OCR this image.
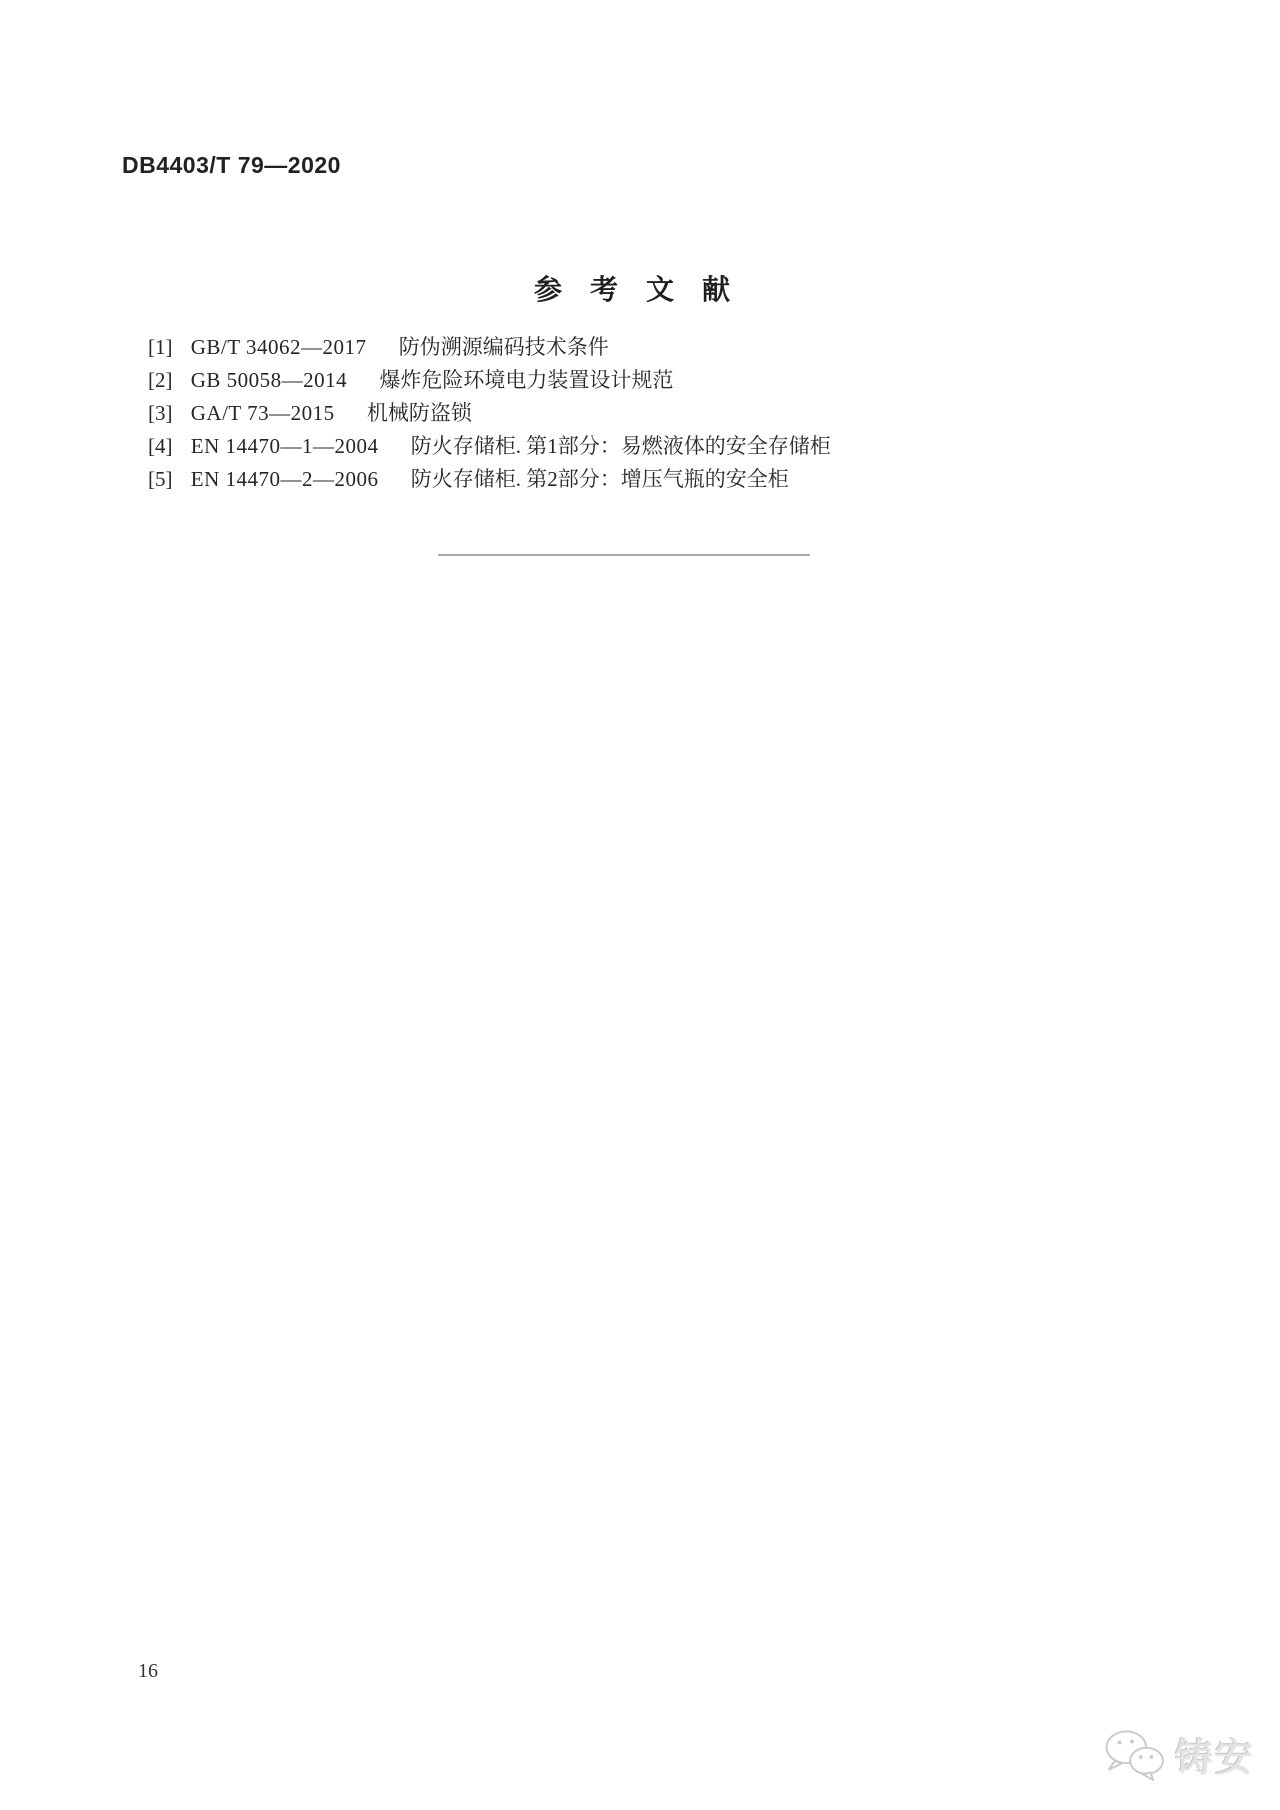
DB4403/T 79—2020
参　考　文　献
[1] GB/T 34062—2017 防伪溯源编码技术条件
[2] GB 50058—2014 爆炸危险环境电力装置设计规范
[3] GA/T 73—2015 机械防盗锁
[4] EN 14470—1—2004 防火存储柜. 第1部分：易燃液体的安全存储柜
[5] EN 14470—2—2006 防火存储柜. 第2部分：增压气瓶的安全柜
16
铸安
